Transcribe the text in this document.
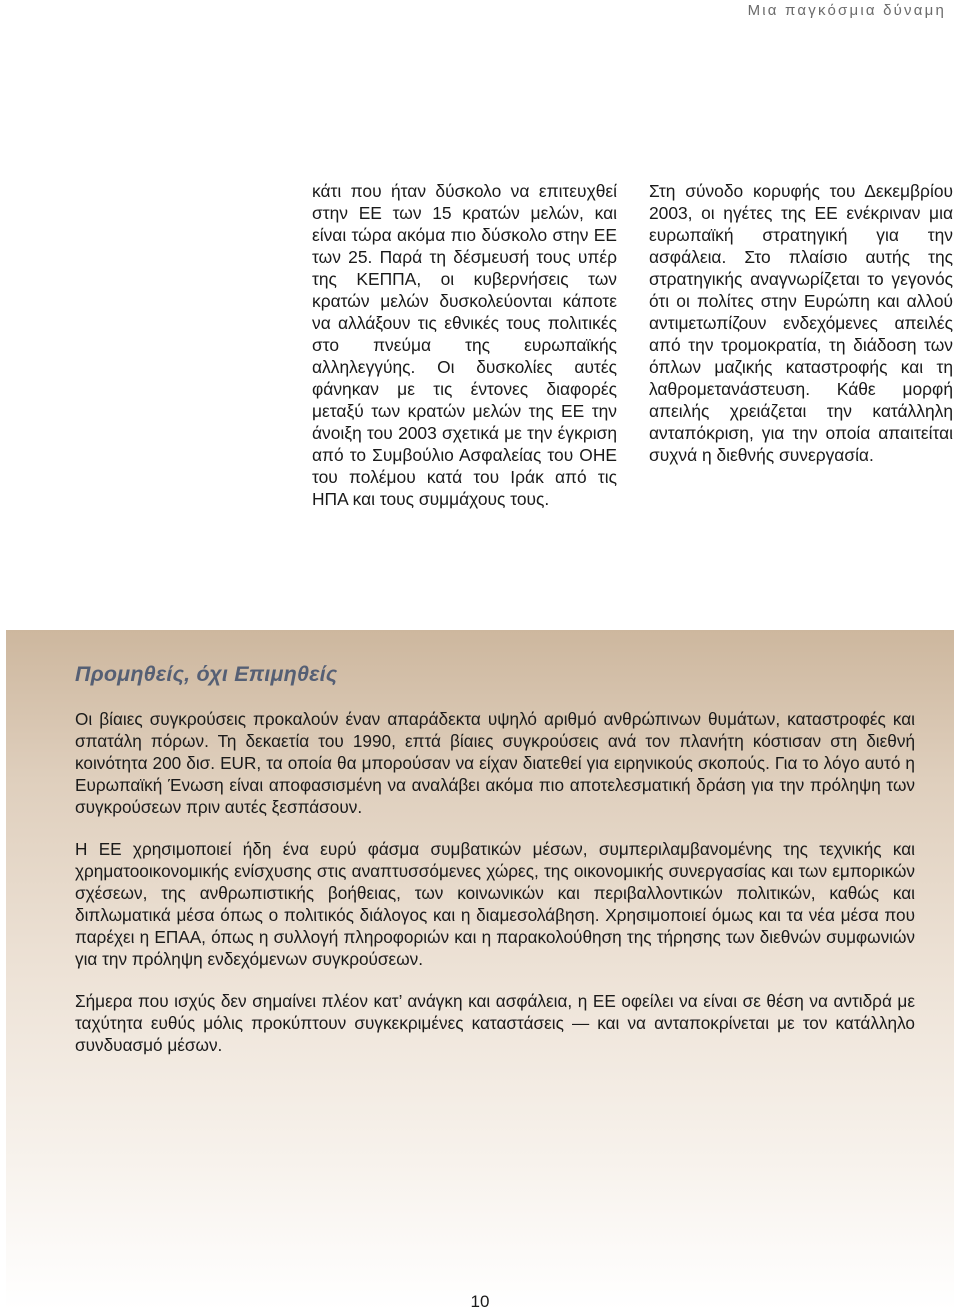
Μια παγκόσμια δύναμη

κάτι που ήταν δύσκολο να επιτευχθεί στην ΕΕ των 15 κρατών μελών, και είναι τώρα ακόμα πιο δύσκολο στην ΕΕ των 25. Παρά τη δέσμευσή τους υπέρ της ΚΕΠΠΑ, οι κυβερνήσεις των κρατών μελών δυσκολεύονται κάποτε να αλλάξουν τις εθνικές τους πολιτικές στο πνεύμα της ευρωπαϊκής αλληλεγγύης. Οι δυσκολίες αυτές φάνηκαν με τις έντονες διαφορές μεταξύ των κρατών μελών της ΕΕ την άνοιξη του 2003 σχετικά με την έγκριση από το Συμβούλιο Ασφαλείας του ΟΗΕ του πολέμου κατά του Ιράκ από τις ΗΠΑ και τους συμμάχους τους.

Στη σύνοδο κορυφής του Δεκεμβρίου 2003, οι ηγέτες της ΕΕ ενέκριναν μια ευρωπαϊκή στρατηγική για την ασφάλεια. Στο πλαίσιο αυτής της στρατηγικής αναγνωρίζεται το γεγονός ότι οι πολίτες στην Ευρώπη και αλλού αντιμετωπίζουν ενδεχόμενες απειλές από την τρομοκρατία, τη διάδοση των όπλων μαζικής καταστροφής και τη λαθρομετανάστευση. Κάθε μορφή απειλής χρειάζεται την κατάλληλη ανταπόκριση, για την οποία απαιτείται συχνά η διεθνής συνεργασία.

Προμηθείς, όχι Επιμηθείς

Οι βίαιες συγκρούσεις προκαλούν έναν απαράδεκτα υψηλό αριθμό ανθρώπινων θυμάτων, καταστροφές και σπατάλη πόρων. Τη δεκαετία του 1990, επτά βίαιες συγκρούσεις ανά τον πλανήτη κόστισαν στη διεθνή κοινότητα 200 δισ. EUR, τα οποία θα μπορούσαν να είχαν διατεθεί για ειρηνικούς σκοπούς. Για το λόγο αυτό η Ευρωπαϊκή Ένωση είναι αποφασισμένη να αναλάβει ακόμα πιο αποτελεσματική δράση για την πρόληψη των συγκρούσεων πριν αυτές ξεσπάσουν.

Η ΕΕ χρησιμοποιεί ήδη ένα ευρύ φάσμα συμβατικών μέσων, συμπεριλαμβανομένης της τεχνικής και χρηματοοικονομικής ενίσχυσης στις αναπτυσσόμενες χώρες, της οικονομικής συνεργασίας και των εμπορικών σχέσεων, της ανθρωπιστικής βοήθειας, των κοινωνικών και περιβαλλοντικών πολιτικών, καθώς και διπλωματικά μέσα όπως ο πολιτικός διάλογος και η διαμεσολάβηση. Χρησιμοποιεί όμως και τα νέα μέσα που παρέχει η ΕΠΑΑ, όπως η συλλογή πληροφοριών και η παρακολούθηση της τήρησης των διεθνών συμφωνιών για την πρόληψη ενδεχόμενων συγκρούσεων.

Σήμερα που ισχύς δεν σημαίνει πλέον κατ’ ανάγκη και ασφάλεια, η ΕΕ οφείλει να είναι σε θέση να αντιδρά με ταχύτητα ευθύς μόλις προκύπτουν συγκεκριμένες καταστάσεις — και να ανταποκρίνεται με τον κατάλληλο συνδυασμό μέσων.

10
